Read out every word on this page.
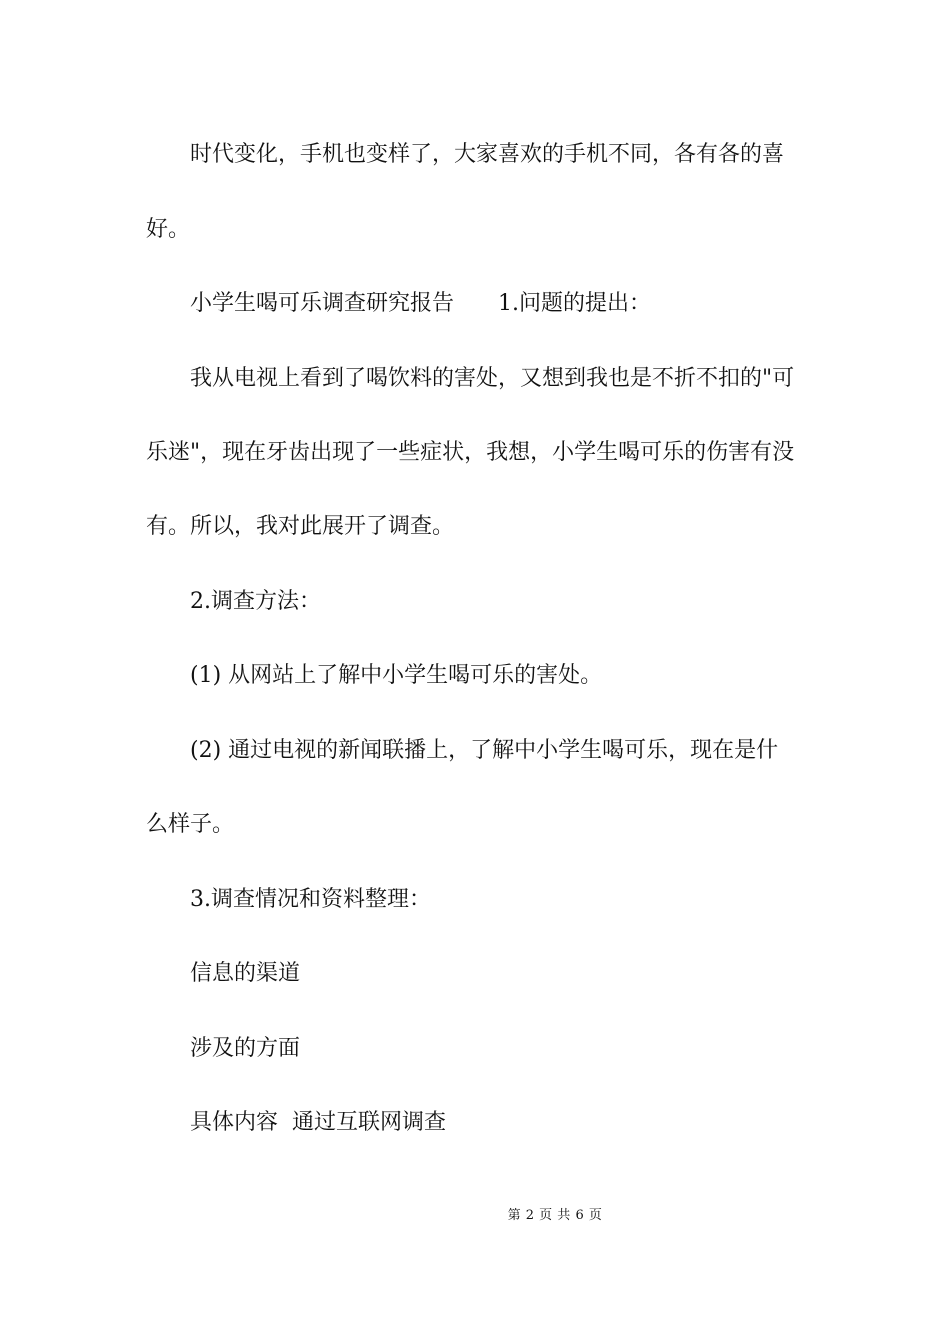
时代变化，手机也变样了，大家喜欢的手机不同，各有各的喜
好。
小学生喝可乐调查研究报告 1.问题的提出：
我从电视上看到了喝饮料的害处，又想到我也是不折不扣的"可
乐迷"，现在牙齿出现了一些症状，我想，小学生喝可乐的伤害有没
有。所以，我对此展开了调查。
2.调查方法：
(1) 从网站上了解中小学生喝可乐的害处。
(2) 通过电视的新闻联播上，了解中小学生喝可乐，现在是什
么样子。
3.调查情况和资料整理：
信息的渠道
涉及的方面
具体内容 通过互联网调查
第 2 页 共 6 页
